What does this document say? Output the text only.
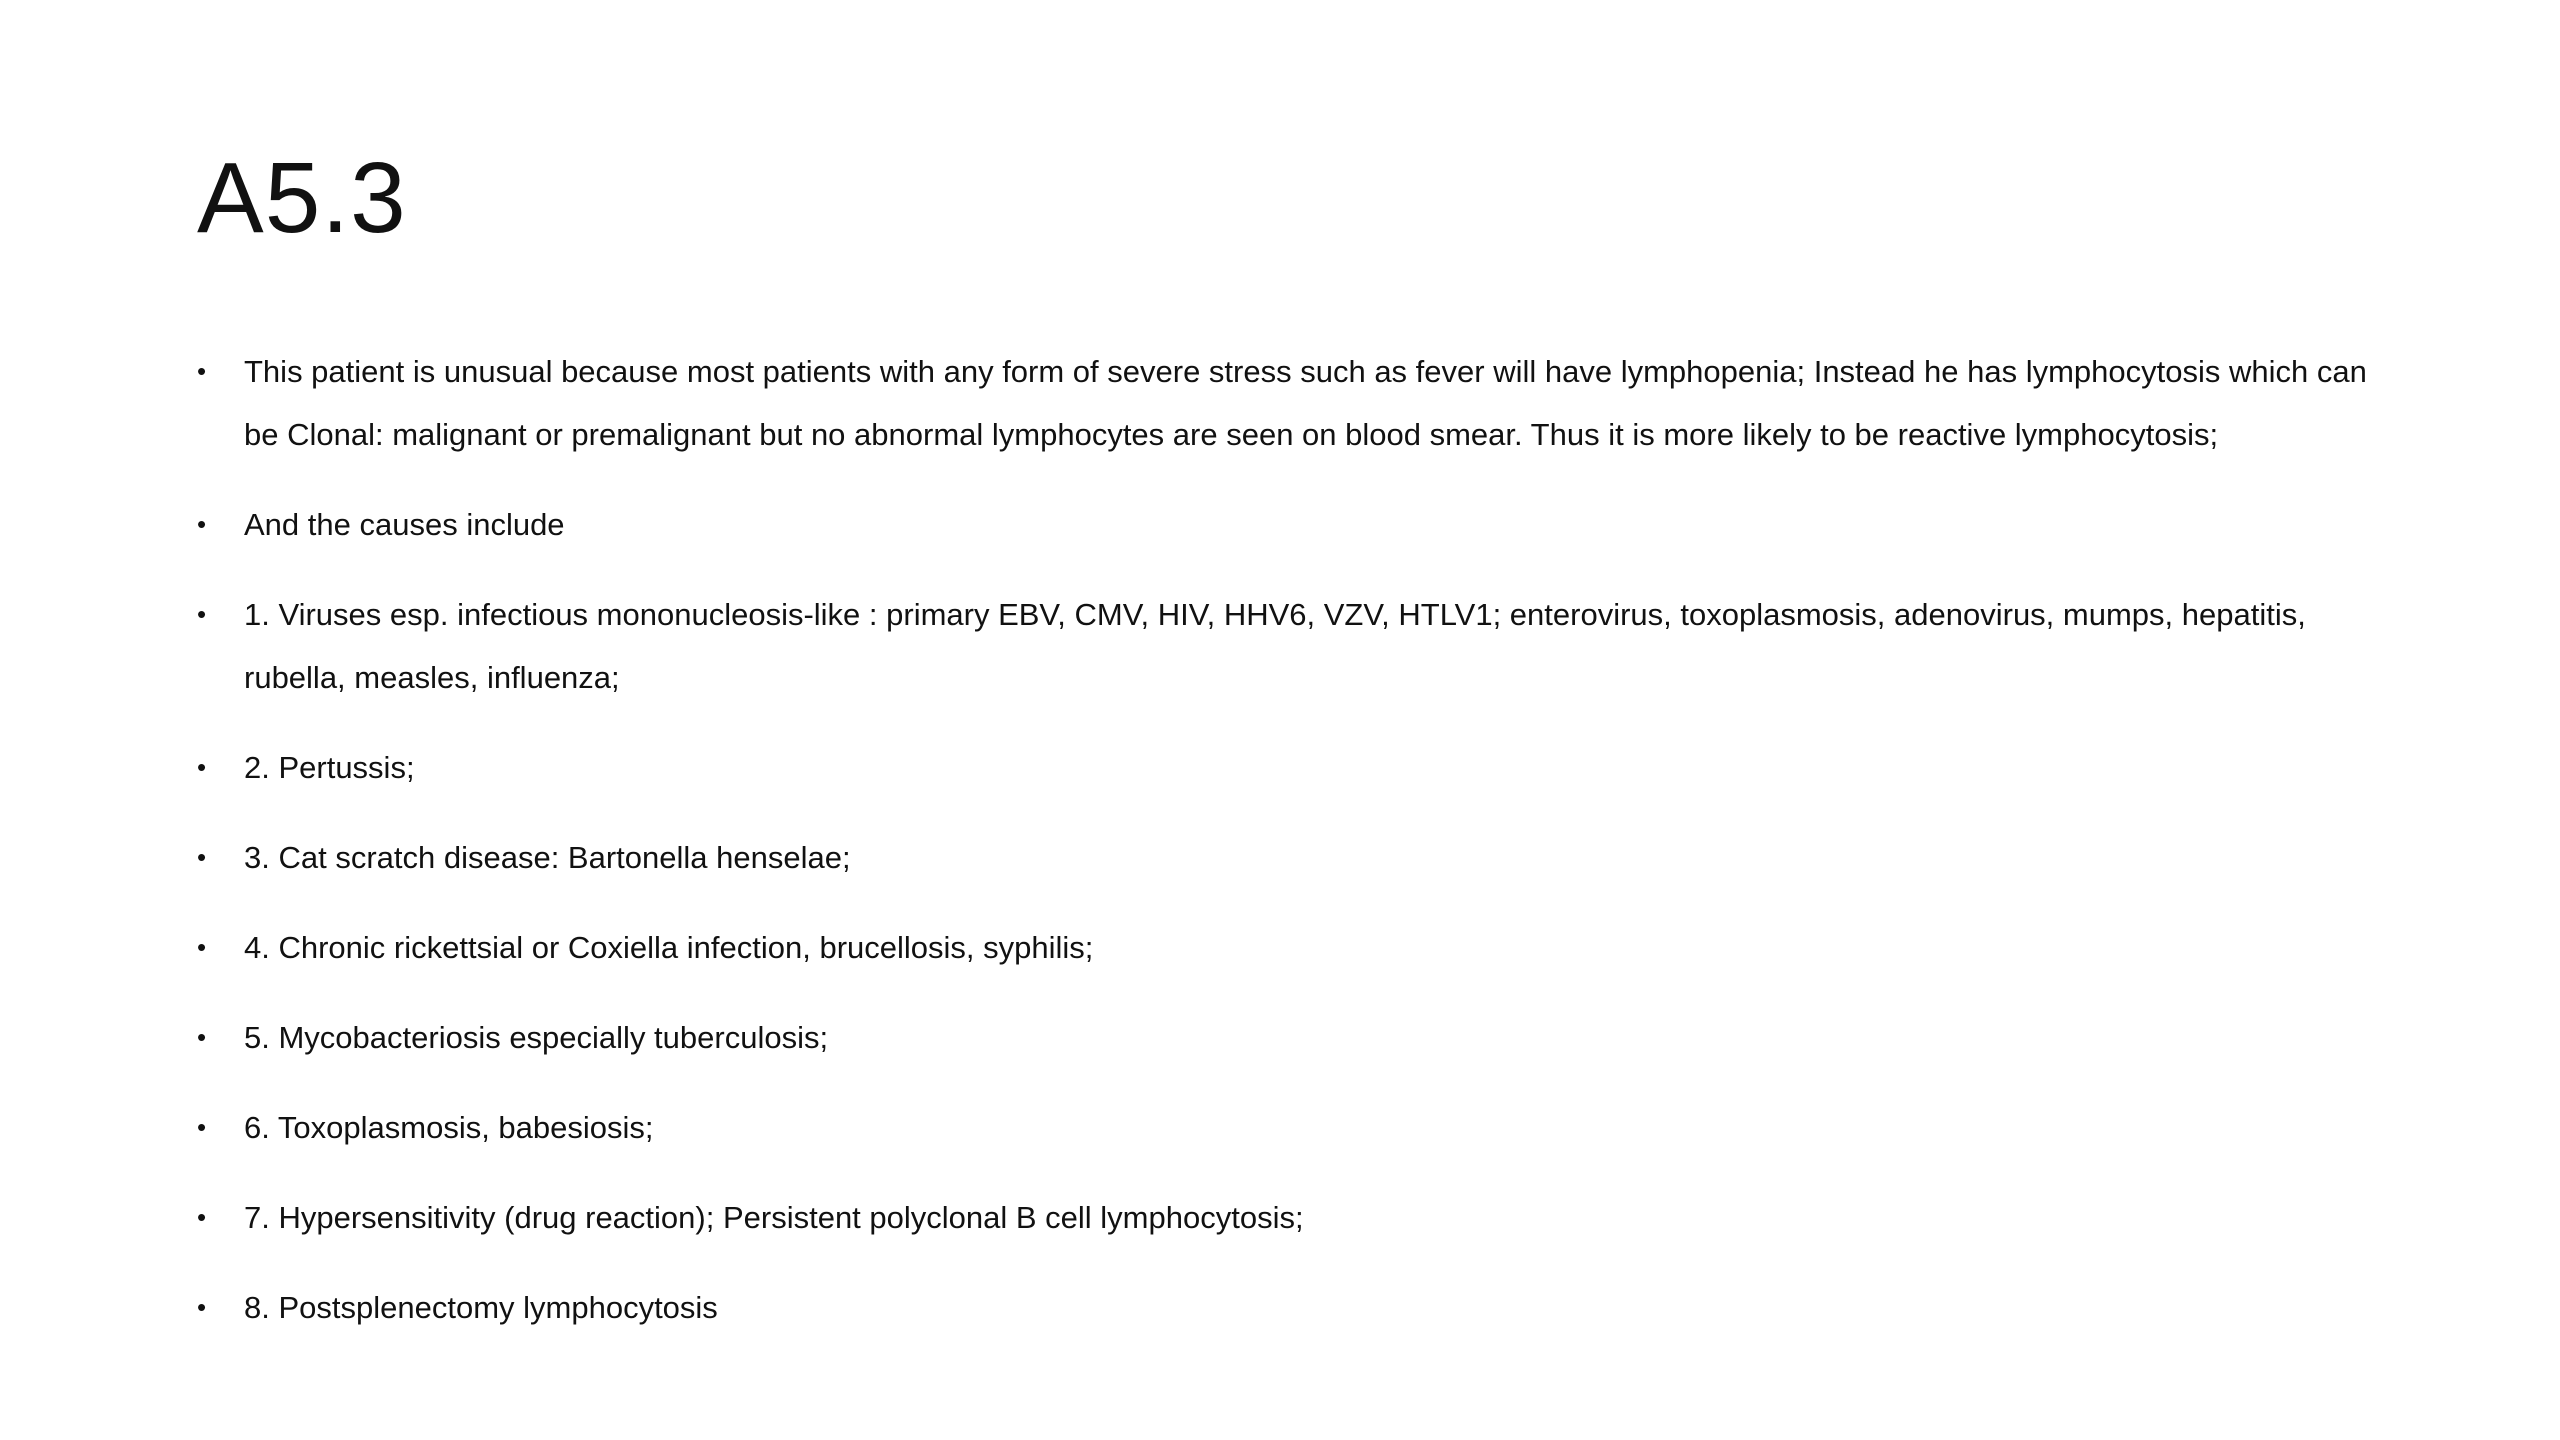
A5.3
• This patient is unusual because most patients with any form of severe stress such as fever will have lymphopenia; Instead he has lymphocytosis which can be Clonal: malignant or premalignant but no abnormal lymphocytes are seen on blood smear. Thus it is more likely to be reactive lymphocytosis;
• And the causes include
• 1. Viruses esp. infectious mononucleosis-like : primary EBV, CMV, HIV, HHV6, VZV, HTLV1; enterovirus, toxoplasmosis, adenovirus, mumps, hepatitis, rubella, measles, influenza;
• 2. Pertussis;
• 3. Cat scratch disease: Bartonella henselae;
• 4. Chronic rickettsial or Coxiella infection, brucellosis, syphilis;
• 5. Mycobacteriosis especially tuberculosis;
• 6. Toxoplasmosis, babesiosis;
• 7. Hypersensitivity (drug reaction); Persistent polyclonal B cell lymphocytosis;
• 8. Postsplenectomy lymphocytosis
